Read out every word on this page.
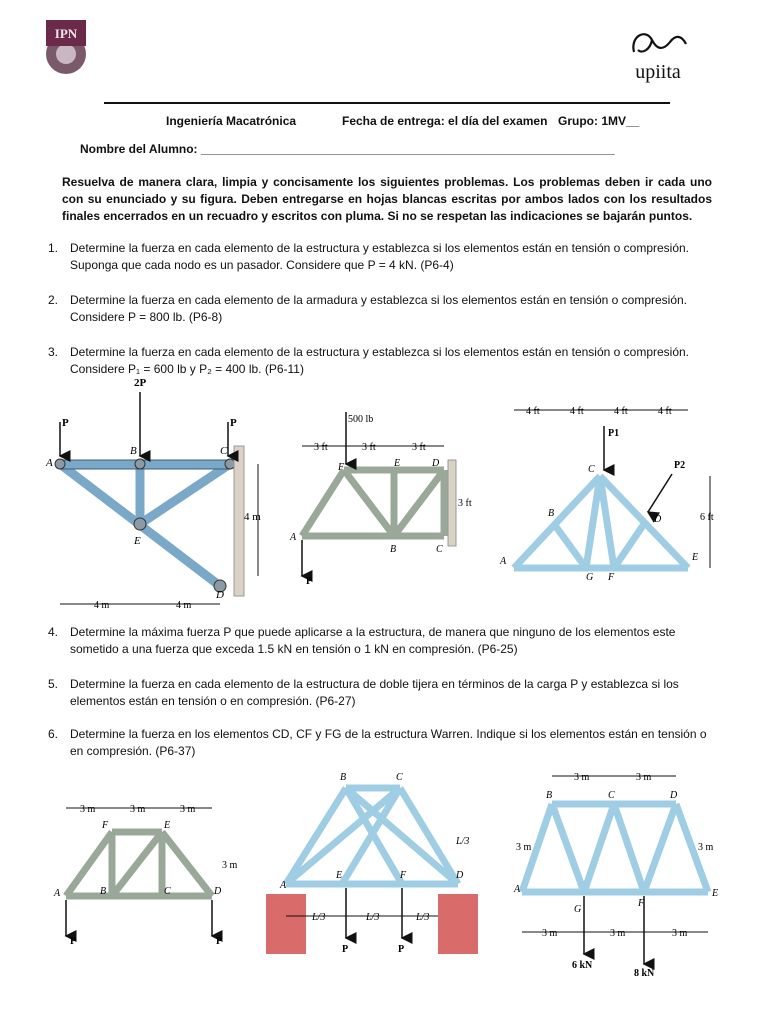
IPN
upiita
Ingeniería Macatrónica	Fecha de entrega: el día del examen Grupo: 1MV__
Nombre del Alumno: ______________________________________________________________
Resuelva de manera clara, limpia y concisamente los siguientes problemas. Los problemas deben ir cada uno con su enunciado y su figura. Deben entregarse en hojas blancas escritas por ambos lados con los resultados finales encerrados en un recuadro y escritos con pluma. Si no se respetan las indicaciones se bajarán puntos.
1. Determine la fuerza en cada elemento de la estructura y establezca si los elementos están en tensión o compresión. Suponga que cada nodo es un pasador. Considere que P = 4 kN. (P6-4)
2. Determine la fuerza en cada elemento de la armadura y establezca si los elementos están en tensión o compresión. Considere P = 800 lb. (P6-8)
3. Determine la fuerza en cada elemento de la estructura y establezca si los elementos están en tensión o compresión. Considere P₁ = 600 lb y P₂ = 400 lb. (P6-11)
P
2P
P
A
B	C
D
E
4 m
4 m	4 m
500 lb
P
A
B	C
D
E
F
3 ft	3 ft	3 ft
3 ft
P1
P2
A
B
C
D
E
F
G
4 ft	4 ft	4 ft	4 ft
6 ft
4. Determine la máxima fuerza P que puede aplicarse a la estructura, de manera que ninguno de los elementos este sometido a una fuerza que exceda 1.5 kN en tensión o 1 kN en compresión. (P6-25)
5. Determine la fuerza en cada elemento de la estructura de doble tijera en términos de la carga P y establezca si los elementos están en tensión o en compresión. (P6-27)
6. Determine la fuerza en los elementos CD, CF y FG de la estructura Warren. Indique si los elementos están en tensión o en compresión. (P6-37)
P	P
A	B	C	D
E
F
3 m	3 m	3 m
3 m
P	P
A
B	C
D
E	F
L/3	L/3	L/3
L/3
6 kN
8 kN
A
B	C	D
E
F
G
3 m	3 m
3 m	3 m	3 m
3 m	3 m
